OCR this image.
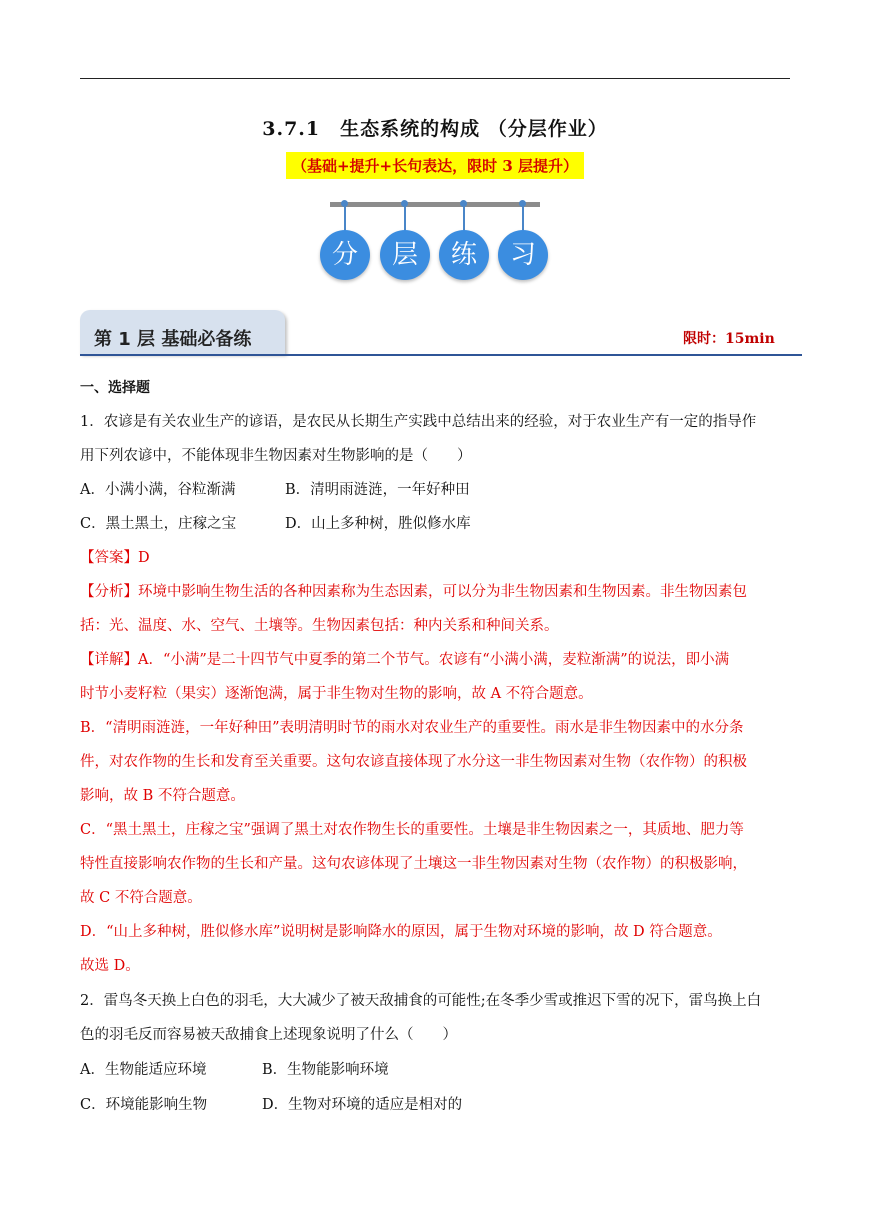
3.7.1　生态系统的构成 （分层作业）
（基础+提升+长句表达，限时 3 层提升）
分	层	练	习
第 1 层 基础必备练	限时：15min
一、选择题
1．农谚是有关农业生产的谚语，是农民从长期生产实践中总结出来的经验，对于农业生产有一定的指导作
用下列农谚中，不能体现非生物因素对生物影响的是（　　）
A．小满小满，谷粒渐满	B．清明雨涟涟，一年好种田
C．黑土黑土，庄稼之宝	D．山上多种树，胜似修水库
【答案】D
【分析】环境中影响生物生活的各种因素称为生态因素，可以分为非生物因素和生物因素。非生物因素包
括：光、温度、水、空气、土壤等。生物因素包括：种内关系和种间关系。
【详解】A．“小满”是二十四节气中夏季的第二个节气。农谚有“小满小满，麦粒渐满”的说法，即小满
时节小麦籽粒（果实）逐渐饱满，属于非生物对生物的影响，故 A 不符合题意。
B．“清明雨涟涟，一年好种田”表明清明时节的雨水对农业生产的重要性。雨水是非生物因素中的水分条
件，对农作物的生长和发育至关重要。这句农谚直接体现了水分这一非生物因素对生物（农作物）的积极
影响，故 B 不符合题意。
C．“黑土黑土，庄稼之宝”强调了黑土对农作物生长的重要性。土壤是非生物因素之一，其质地、肥力等
特性直接影响农作物的生长和产量。这句农谚体现了土壤这一非生物因素对生物（农作物）的积极影响，
故 C 不符合题意。
D．“山上多种树，胜似修水库”说明树是影响降水的原因，属于生物对环境的影响，故 D 符合题意。
故选 D。
2．雷鸟冬天换上白色的羽毛，大大减少了被天敌捕食的可能性;在冬季少雪或推迟下雪的况下，雷鸟换上白
色的羽毛反而容易被天敌捕食上述现象说明了什么（　　）
A．生物能适应环境	B．生物能影响环境
C．环境能影响生物	D．生物对环境的适应是相对的
